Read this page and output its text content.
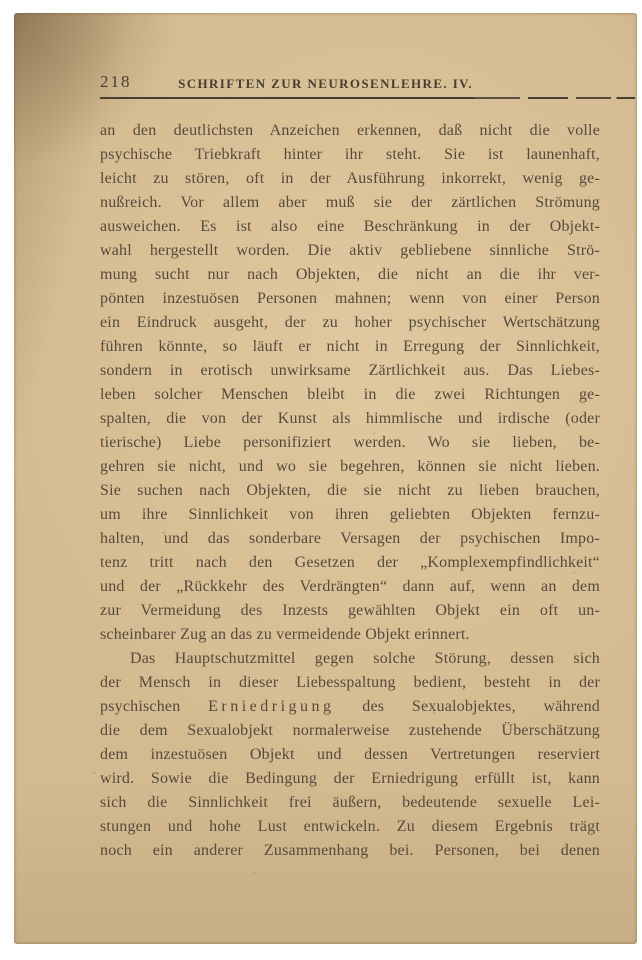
218	SCHRIFTEN ZUR NEUROSENLEHRE. IV.
an den deutlichsten Anzeichen erkennen, daß nicht die volle
psychische Triebkraft hinter ihr steht. Sie ist launenhaft,
leicht zu stören, oft in der Ausführung inkorrekt, wenig ge-
nußreich. Vor allem aber muß sie der zärtlichen Strömung
ausweichen. Es ist also eine Beschränkung in der Objekt-
wahl hergestellt worden. Die aktiv gebliebene sinnliche Strö-
mung sucht nur nach Objekten, die nicht an die ihr ver-
pönten inzestuösen Personen mahnen; wenn von einer Person
ein Eindruck ausgeht, der zu hoher psychischer Wertschätzung
führen könnte, so läuft er nicht in Erregung der Sinnlichkeit,
sondern in erotisch unwirksame Zärtlichkeit aus. Das Liebes-
leben solcher Menschen bleibt in die zwei Richtungen ge-
spalten, die von der Kunst als himmlische und irdische (oder
tierische) Liebe personifiziert werden. Wo sie lieben, be-
gehren sie nicht, und wo sie begehren, können sie nicht lieben.
Sie suchen nach Objekten, die sie nicht zu lieben brauchen,
um ihre Sinnlichkeit von ihren geliebten Objekten fernzu-
halten, und das sonderbare Versagen der psychischen Impo-
tenz tritt nach den Gesetzen der „Komplexempfindlichkeit“
und der „Rückkehr des Verdrängten“ dann auf, wenn an dem
zur Vermeidung des Inzests gewählten Objekt ein oft un-
scheinbarer Zug an das zu vermeidende Objekt erinnert.
Das Hauptschutzmittel gegen solche Störung, dessen sich
der Mensch in dieser Liebesspaltung bedient, besteht in der
psychischen Erniedrigung des Sexualobjektes, während
die dem Sexualobjekt normalerweise zustehende Überschätzung
dem inzestuösen Objekt und dessen Vertretungen reserviert
wird. Sowie die Bedingung der Erniedrigung erfüllt ist, kann
sich die Sinnlichkeit frei äußern, bedeutende sexuelle Lei-
stungen und hohe Lust entwickeln. Zu diesem Ergebnis trägt
noch ein anderer Zusammenhang bei. Personen, bei denen
